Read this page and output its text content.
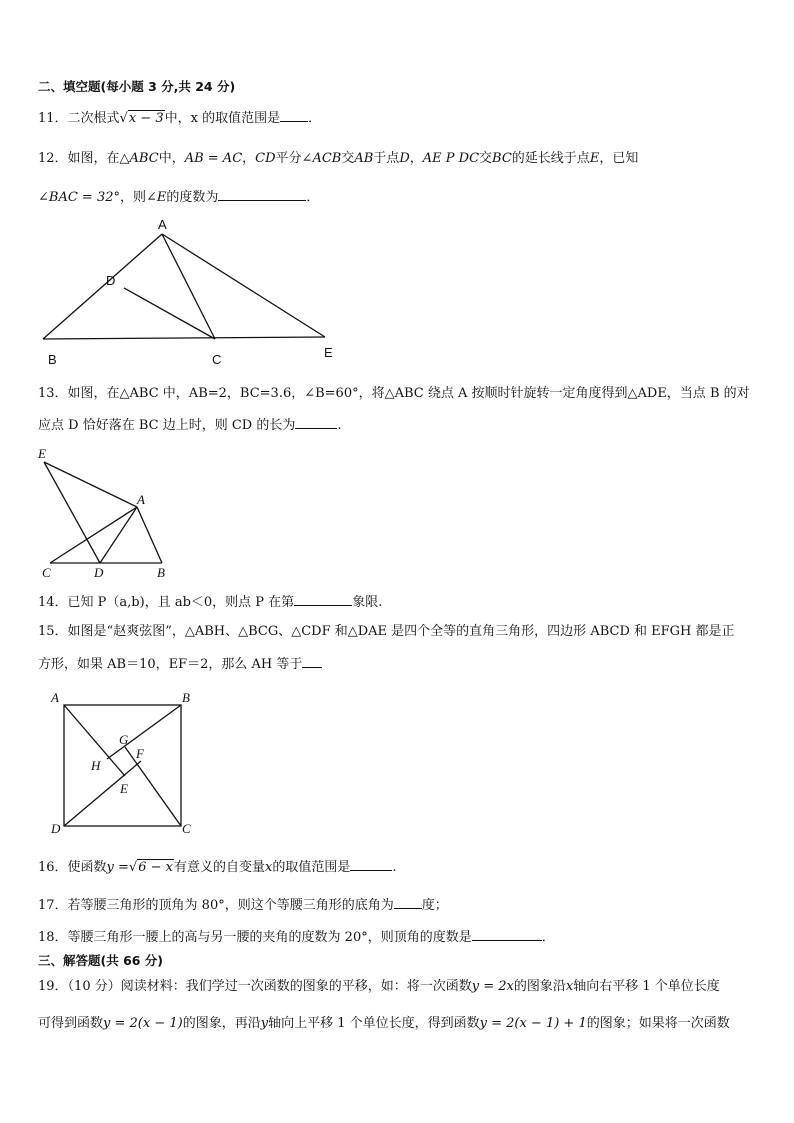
二、填空题(每小题 3 分,共 24 分)
11．二次根式√x − 3中，x 的取值范围是 ．
12．如图，在△ABC中，AB = AC，CD平分∠ACB交AB于点D，AE P DC交BC的延长线于点E，已知
∠BAC = 32°，则∠E的度数为	．
A
D
B	C	E
13．如图，在△ABC 中，AB=2，BC=3.6，∠B=60°，将△ABC 绕点 A 按顺时针旋转一定角度得到△ADE，当点 B 的对
应点 D 恰好落在 BC 边上时，则 CD 的长为	.
E
A
C	D	B
14．已知 P（a,b)，且 ab＜0，则点 P 在第	象限.
15．如图是“赵爽弦图”，△ABH、△BCG、△CDF 和△DAE 是四个全等的直角三角形，四边形 ABCD 和 EFGH 都是正
方形，如果 AB＝10，EF＝2，那么 AH 等于
A	B
D	C
G
F
H
E
16．使函数y =√6 − x有意义的自变量x的取值范围是	.
17．若等腰三角形的顶角为 80°，则这个等腰三角形的底角为 度；
18．等腰三角形一腰上的高与另一腰的夹角的度数为 20°，则顶角的度数是	．
三、解答题(共 66 分)
19．（10 分）阅读材料：我们学过一次函数的图象的平移，如：将一次函数y = 2x的图象沿x轴向右平移 1 个单位长度
可得到函数y = 2(x − 1)的图象，再沿y轴向上平移 1 个单位长度，得到函数y = 2(x − 1) + 1的图象；如果将一次函数
